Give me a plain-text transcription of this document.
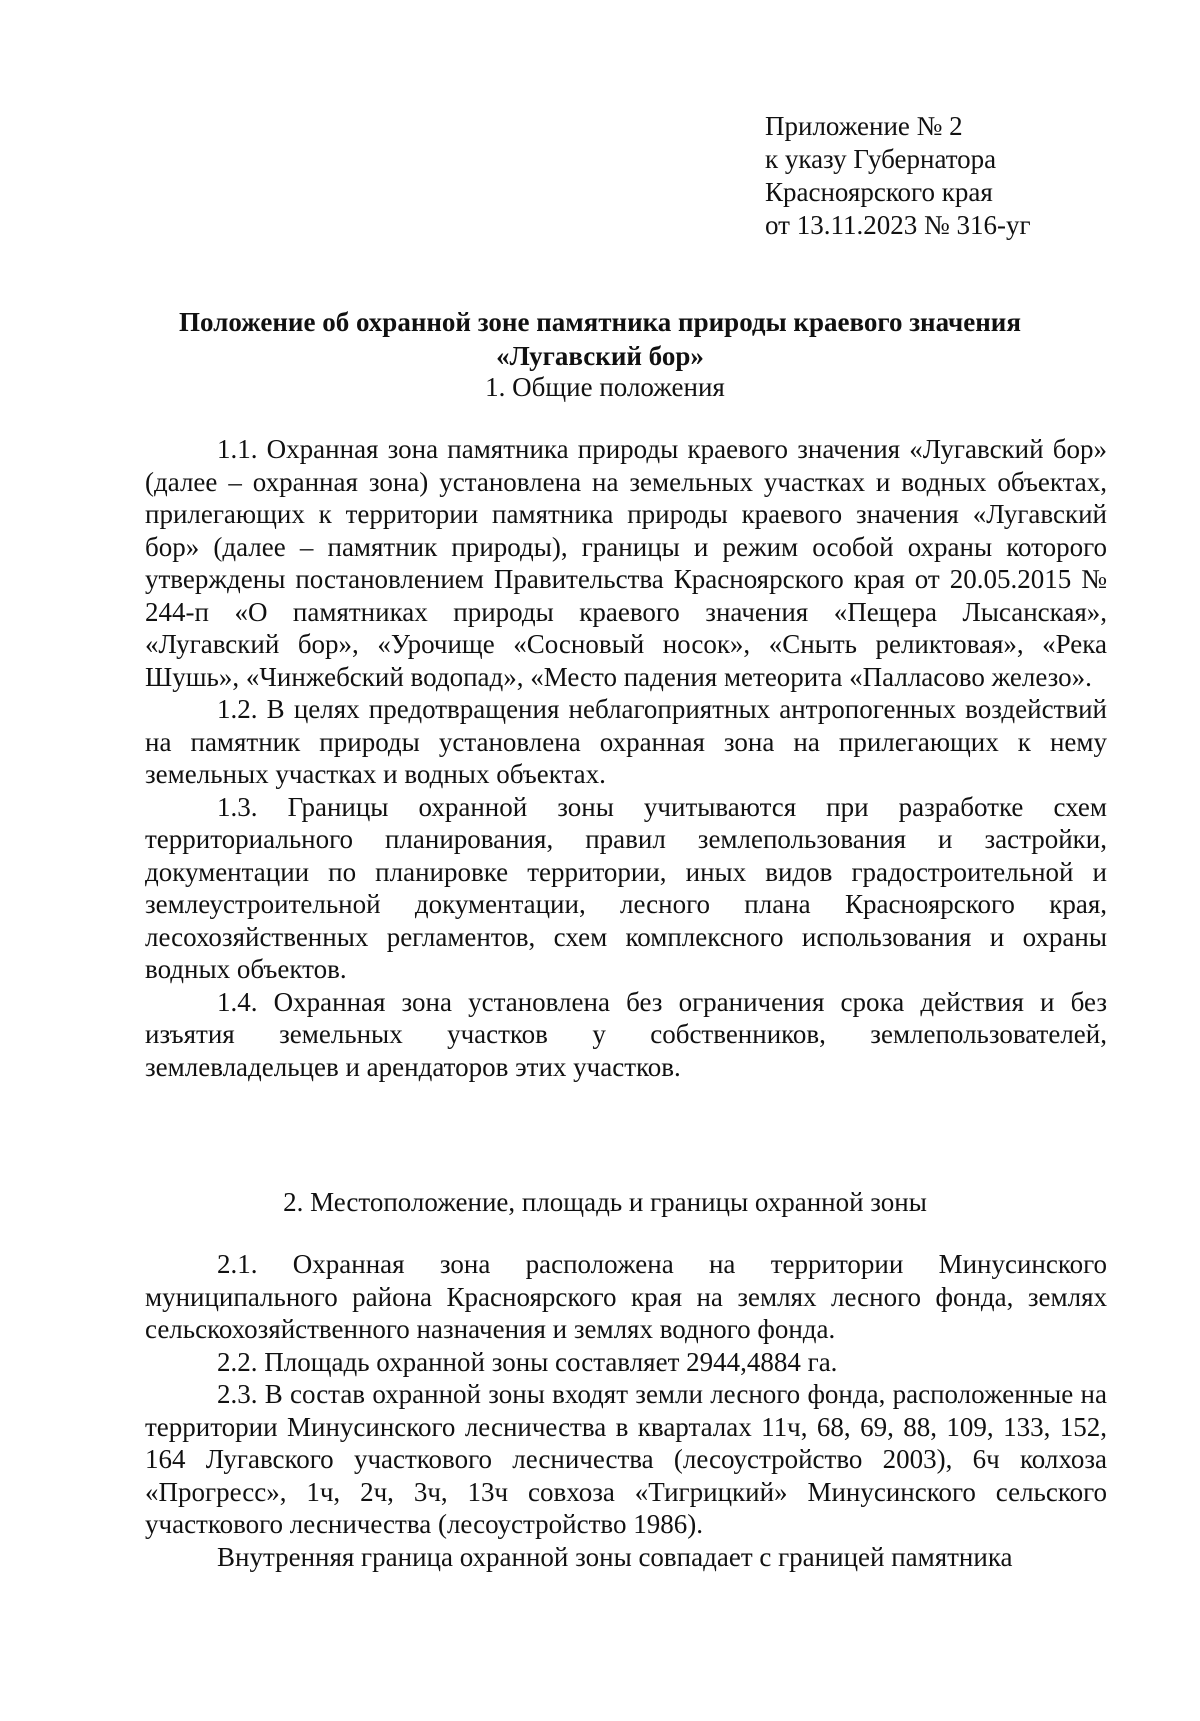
Приложение № 2
к указу Губернатора
Красноярского края
от 13.11.2023 № 316-уг
Положение об охранной зоне памятника природы краевого значения
«Лугавский бор»
1. Общие положения

1.1. Охранная зона памятника природы краевого значения «Лугавский бор» (далее – охранная зона) установлена на земельных участках и водных объектах, прилегающих к территории памятника природы краевого значения «Лугавский бор» (далее – памятник природы), границы и режим особой охраны которого утверждены постановлением Правительства Красноярского края от 20.05.2015 № 244-п «О памятниках природы краевого значения «Пещера Лысанская», «Лугавский бор», «Урочище «Сосновый носок», «Сныть реликтовая», «Река Шушь», «Чинжебский водопад», «Место падения метеорита «Палласово железо».

1.2. В целях предотвращения неблагоприятных антропогенных воздействий на памятник природы установлена охранная зона на прилегающих к нему земельных участках и водных объектах.

1.3. Границы охранной зоны учитываются при разработке схем территориального планирования, правил землепользования и застройки, документации по планировке территории, иных видов градостроительной и землеустроительной документации, лесного плана Красноярского края, лесохозяйственных регламентов, схем комплексного использования и охраны водных объектов.

1.4. Охранная зона установлена без ограничения срока действия и без изъятия земельных участков у собственников, землепользователей, землевладельцев и арендаторов этих участков.

2. Местоположение, площадь и границы охранной зоны

2.1. Охранная зона расположена на территории Минусинского муниципального района Красноярского края на землях лесного фонда, землях сельскохозяйственного назначения и землях водного фонда.

2.2. Площадь охранной зоны составляет 2944,4884 га.

2.3. В состав охранной зоны входят земли лесного фонда, расположенные на территории Минусинского лесничества в кварталах 11ч, 68, 69, 88, 109, 133, 152, 164 Лугавского участкового лесничества (лесоустройство 2003), 6ч колхоза «Прогресс», 1ч, 2ч, 3ч, 13ч совхоза «Тигрицкий» Минусинского сельского участкового лесничества (лесоустройство 1986).

Внутренняя граница охранной зоны совпадает с границей памятника
